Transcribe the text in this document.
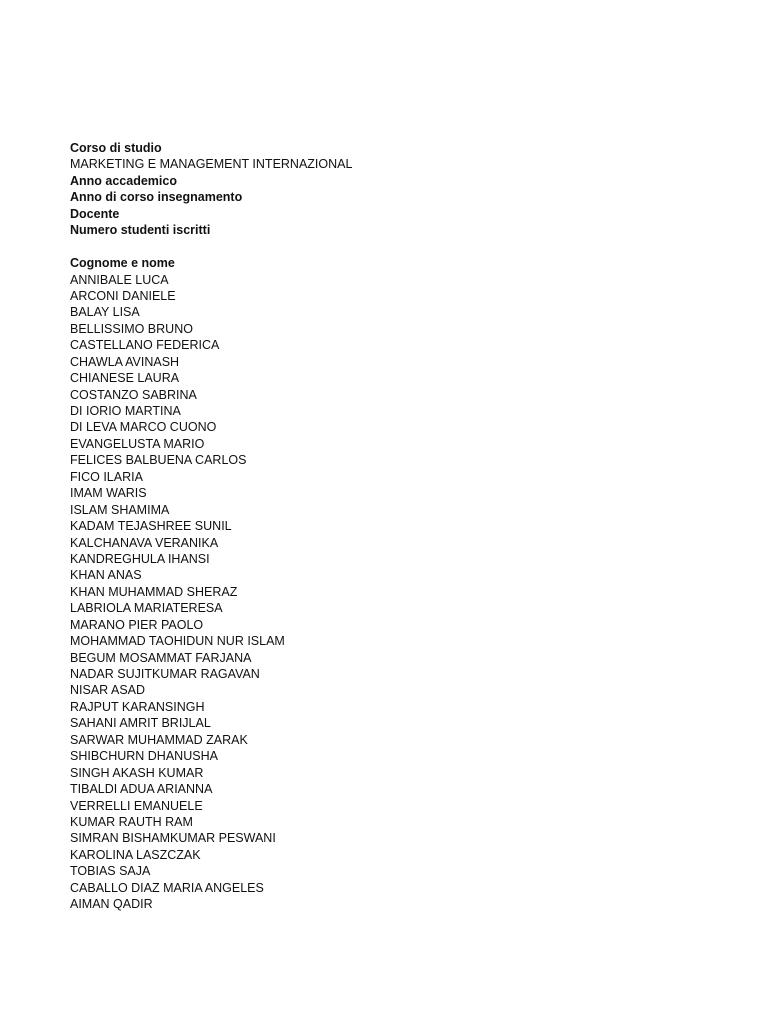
Corso di studio
MARKETING E MANAGEMENT INTERNAZIONAL
Anno accademico
Anno di corso insegnamento
Docente
Numero studenti iscritti
Cognome e nome
ANNIBALE LUCA
ARCONI DANIELE
BALAY LISA
BELLISSIMO BRUNO
CASTELLANO FEDERICA
CHAWLA AVINASH
CHIANESE LAURA
COSTANZO SABRINA
DI IORIO MARTINA
DI LEVA MARCO CUONO
EVANGELUSTA MARIO
FELICES BALBUENA CARLOS
FICO ILARIA
IMAM WARIS
ISLAM SHAMIMA
KADAM TEJASHREE SUNIL
KALCHANAVA VERANIKA
KANDREGHULA IHANSI
KHAN ANAS
KHAN MUHAMMAD SHERAZ
LABRIOLA MARIATERESA
MARANO PIER PAOLO
MOHAMMAD TAOHIDUN NUR ISLAM
BEGUM MOSAMMAT FARJANA
NADAR SUJITKUMAR RAGAVAN
NISAR ASAD
RAJPUT KARANSINGH
SAHANI AMRIT BRIJLAL
SARWAR MUHAMMAD ZARAK
SHIBCHURN DHANUSHA
SINGH AKASH KUMAR
TIBALDI ADUA ARIANNA
VERRELLI EMANUELE
KUMAR RAUTH RAM
SIMRAN BISHAMKUMAR PESWANI
KAROLINA LASZCZAK
TOBIAS SAJA
CABALLO DIAZ MARIA ANGELES
AIMAN QADIR
